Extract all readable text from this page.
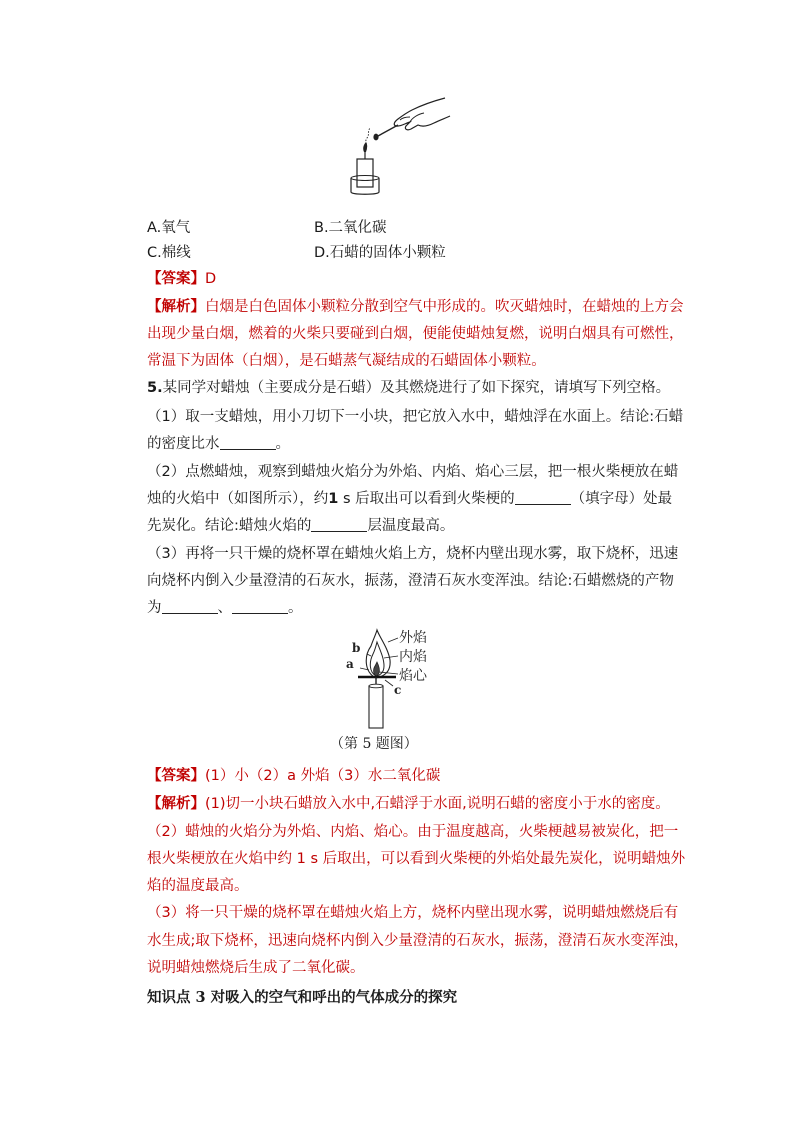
A.氧气	B.二氧化碳
C.棉线	D.石蜡的固体小颗粒
【答案】D
【解析】白烟是白色固体小颗粒分散到空气中形成的。吹灭蜡烛时，在蜡烛的上方会
出现少量白烟，燃着的火柴只要碰到白烟，便能使蜡烛复燃，说明白烟具有可燃性，
常温下为固体（白烟），是石蜡蒸气凝结成的石蜡固体小颗粒。
5.某同学对蜡烛（主要成分是石蜡）及其燃烧进行了如下探究，请填写下列空格。
（1）取一支蜡烛，用小刀切下一小块，把它放入水中，蜡烛浮在水面上。结论:石蜡
的密度比水	。
（2）点燃蜡烛，观察到蜡烛火焰分为外焰、内焰、焰心三层，把一根火柴梗放在蜡
烛的火焰中（如图所示），约1 s 后取出可以看到火柴梗的	（填字母）处最
先炭化。结论:蜡烛火焰的	层温度最高。
（3）再将一只干燥的烧杯罩在蜡烛火焰上方，烧杯内壁出现水雾，取下烧杯，迅速
向烧杯内倒入少量澄清的石灰水，振荡，澄清石灰水变浑浊。结论:石蜡燃烧的产物
为	、	。
外焰
内焰
焰心
b
a
c
（第 5 题图）
【答案】(1）小（2）a 外焰（3）水二氧化碳
【解析】(1)切一小块石蜡放入水中,石蜡浮于水面,说明石蜡的密度小于水的密度。
（2）蜡烛的火焰分为外焰、内焰、焰心。由于温度越高，火柴梗越易被炭化，把一
根火柴梗放在火焰中约 1 s 后取出，可以看到火柴梗的外焰处最先炭化，说明蜡烛外
焰的温度最高。
（3）将一只干燥的烧杯罩在蜡烛火焰上方，烧杯内壁出现水雾，说明蜡烛燃烧后有
水生成;取下烧杯，迅速向烧杯内倒入少量澄清的石灰水，振荡，澄清石灰水变浑浊，
说明蜡烛燃烧后生成了二氧化碳。
知识点 3 对吸入的空气和呼出的气体成分的探究
